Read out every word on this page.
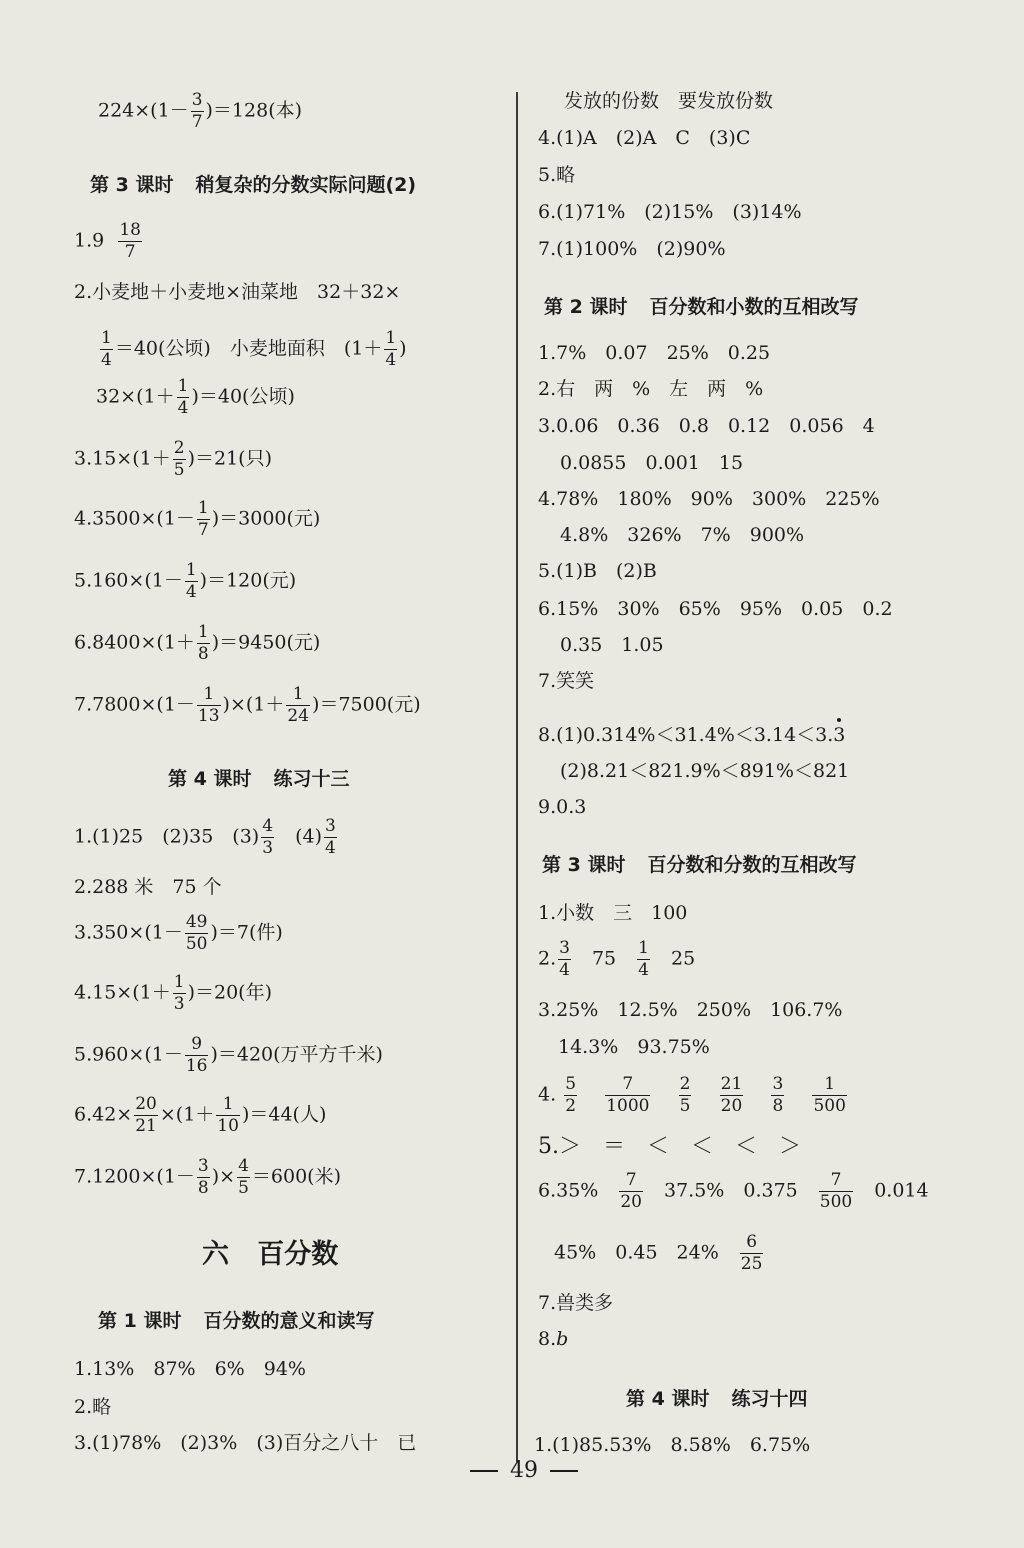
$224\times(1- \frac{3}{7} )=128$(本)
第 3 课时 稍复杂的分数实际问题(2)
$1.9 \frac{18}{7}$
2.小麦地＋小麦地×油菜地　32＋32×
$\frac{1}{4} =40$(公顷)　小麦地面积　($1+ \frac{1}{4}$ )
$32\times(1+ \frac{1}{4} )=40$(公顷)
$3.15\times(1+ \frac{2}{5} )=21$(只)
$4.3500\times(1- \frac{1}{7} )=3000$(元)
$5.160\times(1- \frac{1}{4} )=120$(元)
$6.8400\times(1+ \frac{1}{8} )=9450$(元)
$7.7800\times(1- \frac{1}{13} )\times(1+ \frac{1}{24} )=7500$(元)
第 4 课时 练习十三
1.(1)25　(2)35　$(3) \frac{4}{3}$ 　$(4) \frac{3}{4}$
2.288 米　75 个
$3.350\times(1- \frac{49}{50} )=7$(件)
$4.15\times(1+ \frac{1}{3} )=20$(年)
$5.960\times(1- \frac{9}{16} )=420$(万平方千米)
$6.42\times \frac{20}{21} \times(1+ \frac{1}{10} )=44$(人)
$7.1200\times(1- \frac{3}{8}$ )× $\frac{4}{5} =600$(米)
六 百分数
第 1 课时 百分数的意义和读写
1.13%　87%　6%　94%
2.略
3.(1)78%　(2)3%　(3)百分之八十　已
发放的份数　要发放份数
4.(1)A　(2)A　C　(3)C
5.略
6.(1)71%　(2)15%　(3)14%
7.(1)100%　(2)90%
第 2 课时 百分数和小数的互相改写
1.7%　0.07　25%　0.25
2.右　两　%　左　两　%
3.0.06　0.36　0.8　0.12　0.056　4
0.0855　0.001　15
4.78%　180%　90%　300%　225%
4.8%　326%　7%　900%
5.(1)B　(2)B
6.15%　30%　65%　95%　0.05　0.2
0.35　1.05
7.笑笑
8.(1)0.314%＜31.4%＜3.14＜3.3
(2)8.21＜821.9%＜891%＜821
9.0.3
第 3 课时 百分数和分数的互相改写
1.小数　三　100
2. $\frac{3}{4}$ 　75　 $\frac{1}{4}$ 　25
3.25%　12.5%　250%　106.7%
14.3%　93.75%
4. $\frac{5}{2}$
$\frac{7}{1000}$
$\frac{2}{5}$
$\frac{21}{20}$
$\frac{3}{8}$
$\frac{1}{500}$
5.＞　＝　＜　＜　＜　＞
6.35%　 $\frac{7}{20}$ 　37.5%　0.375　 $\frac{7}{500}$ 　0.014
45%　0.45　24%　 $\frac{6}{25}$
7.兽类多
8.b
第 4 课时 练习十四
1.(1)85.53%　8.58%　6.75%
49
